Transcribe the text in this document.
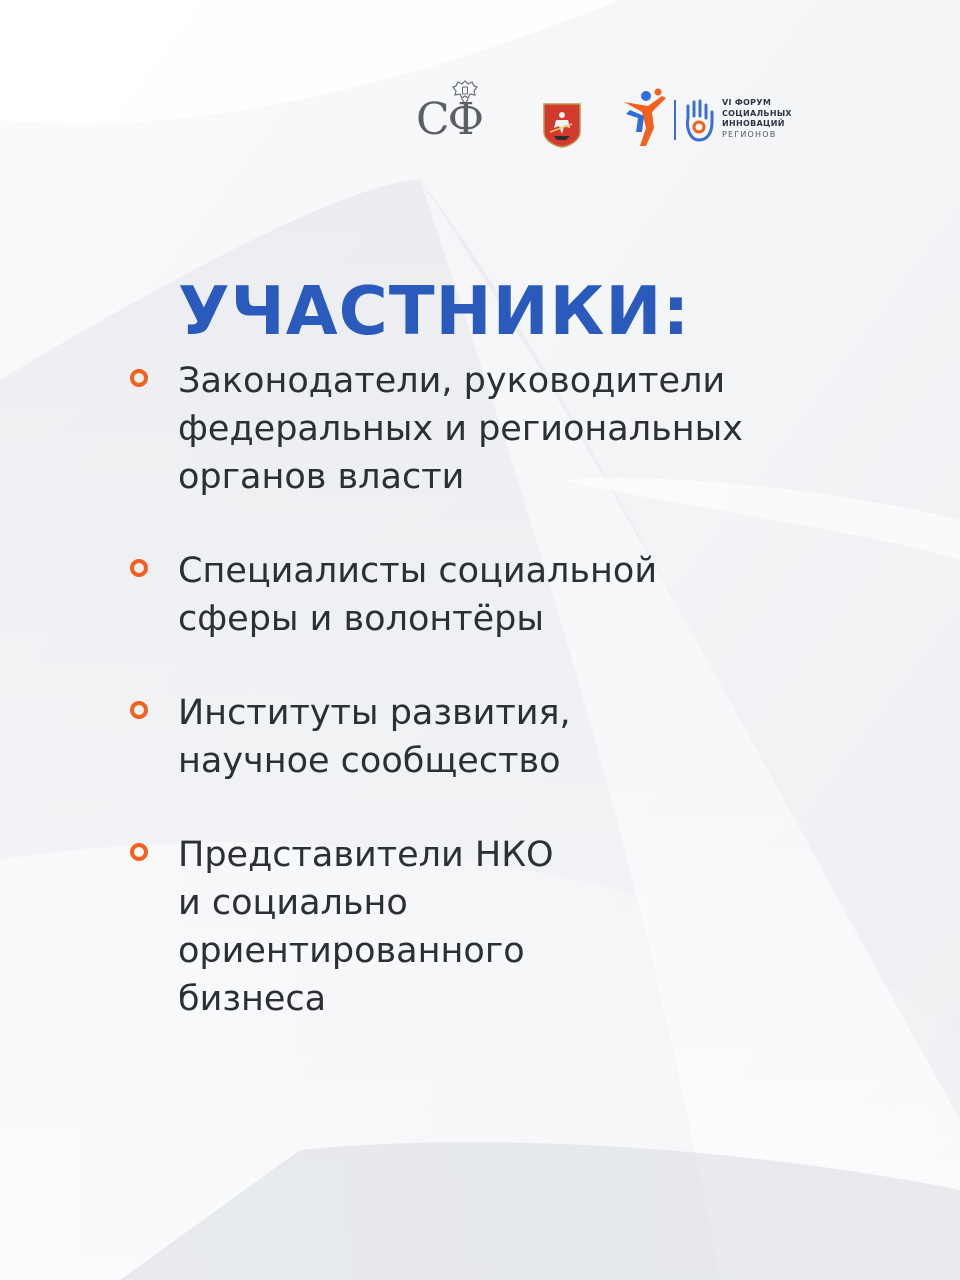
СФ	VI ФОРУМ
СОЦИАЛЬНЫХ
ИННОВАЦИЙ
РЕГИОНОВ
УЧАСТНИКИ:
Законодатели, руководители
федеральных и региональных
органов власти
Специалисты социальной
сферы и волонтёры
Институты развития,
научное сообщество
Представители НКО
и социально
ориентированного
бизнеса
